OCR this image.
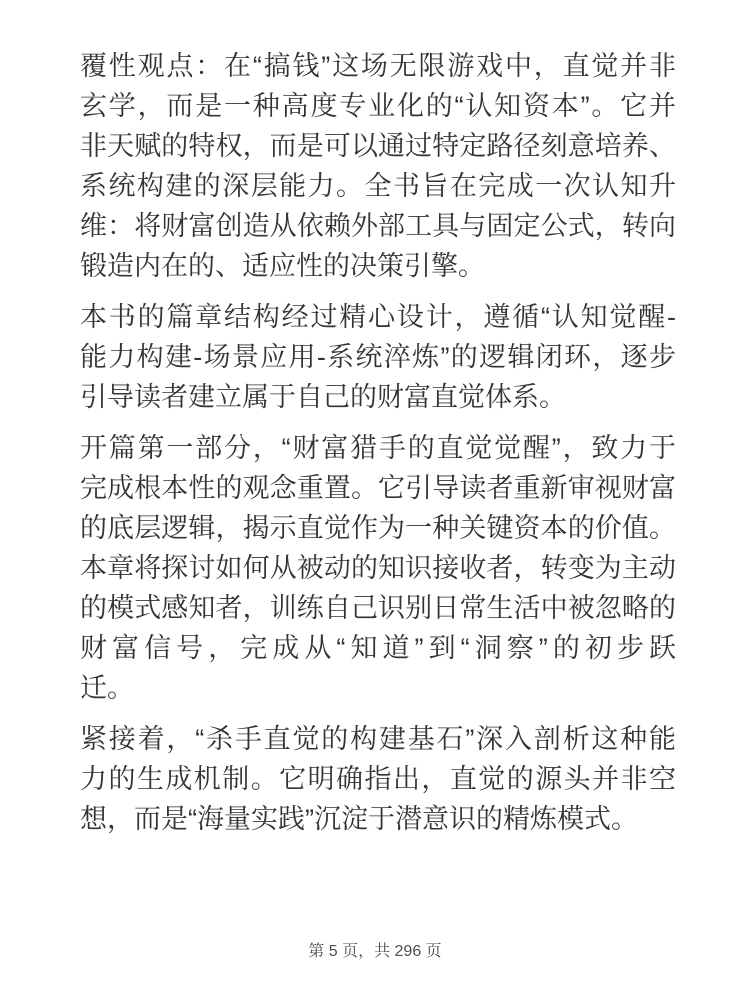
覆性观点：在“搞钱”这场无限游戏中，直觉并非
玄学，而是一种高度专业化的“认知资本”。它并
非天赋的特权，而是可以通过特定路径刻意培养、
系统构建的深层能力。全书旨在完成一次认知升
维：将财富创造从依赖外部工具与固定公式，转向
锻造内在的、适应性的决策引擎。
本书的篇章结构经过精心设计，遵循“认知觉醒-
能力构建-场景应用-系统淬炼”的逻辑闭环，逐步
引导读者建立属于自己的财富直觉体系。
开篇第一部分，“财富猎手的直觉觉醒”，致力于
完成根本性的观念重置。它引导读者重新审视财富
的底层逻辑，揭示直觉作为一种关键资本的价值。
本章将探讨如何从被动的知识接收者，转变为主动
的模式感知者，训练自己识别日常生活中被忽略的
财富信号，完成从“知道”到“洞察”的初步跃
迁。
紧接着，“杀手直觉的构建基石”深入剖析这种能
力的生成机制。它明确指出，直觉的源头并非空
想，而是“海量实践”沉淀于潜意识的精炼模式。
第 5 页，共 296 页
